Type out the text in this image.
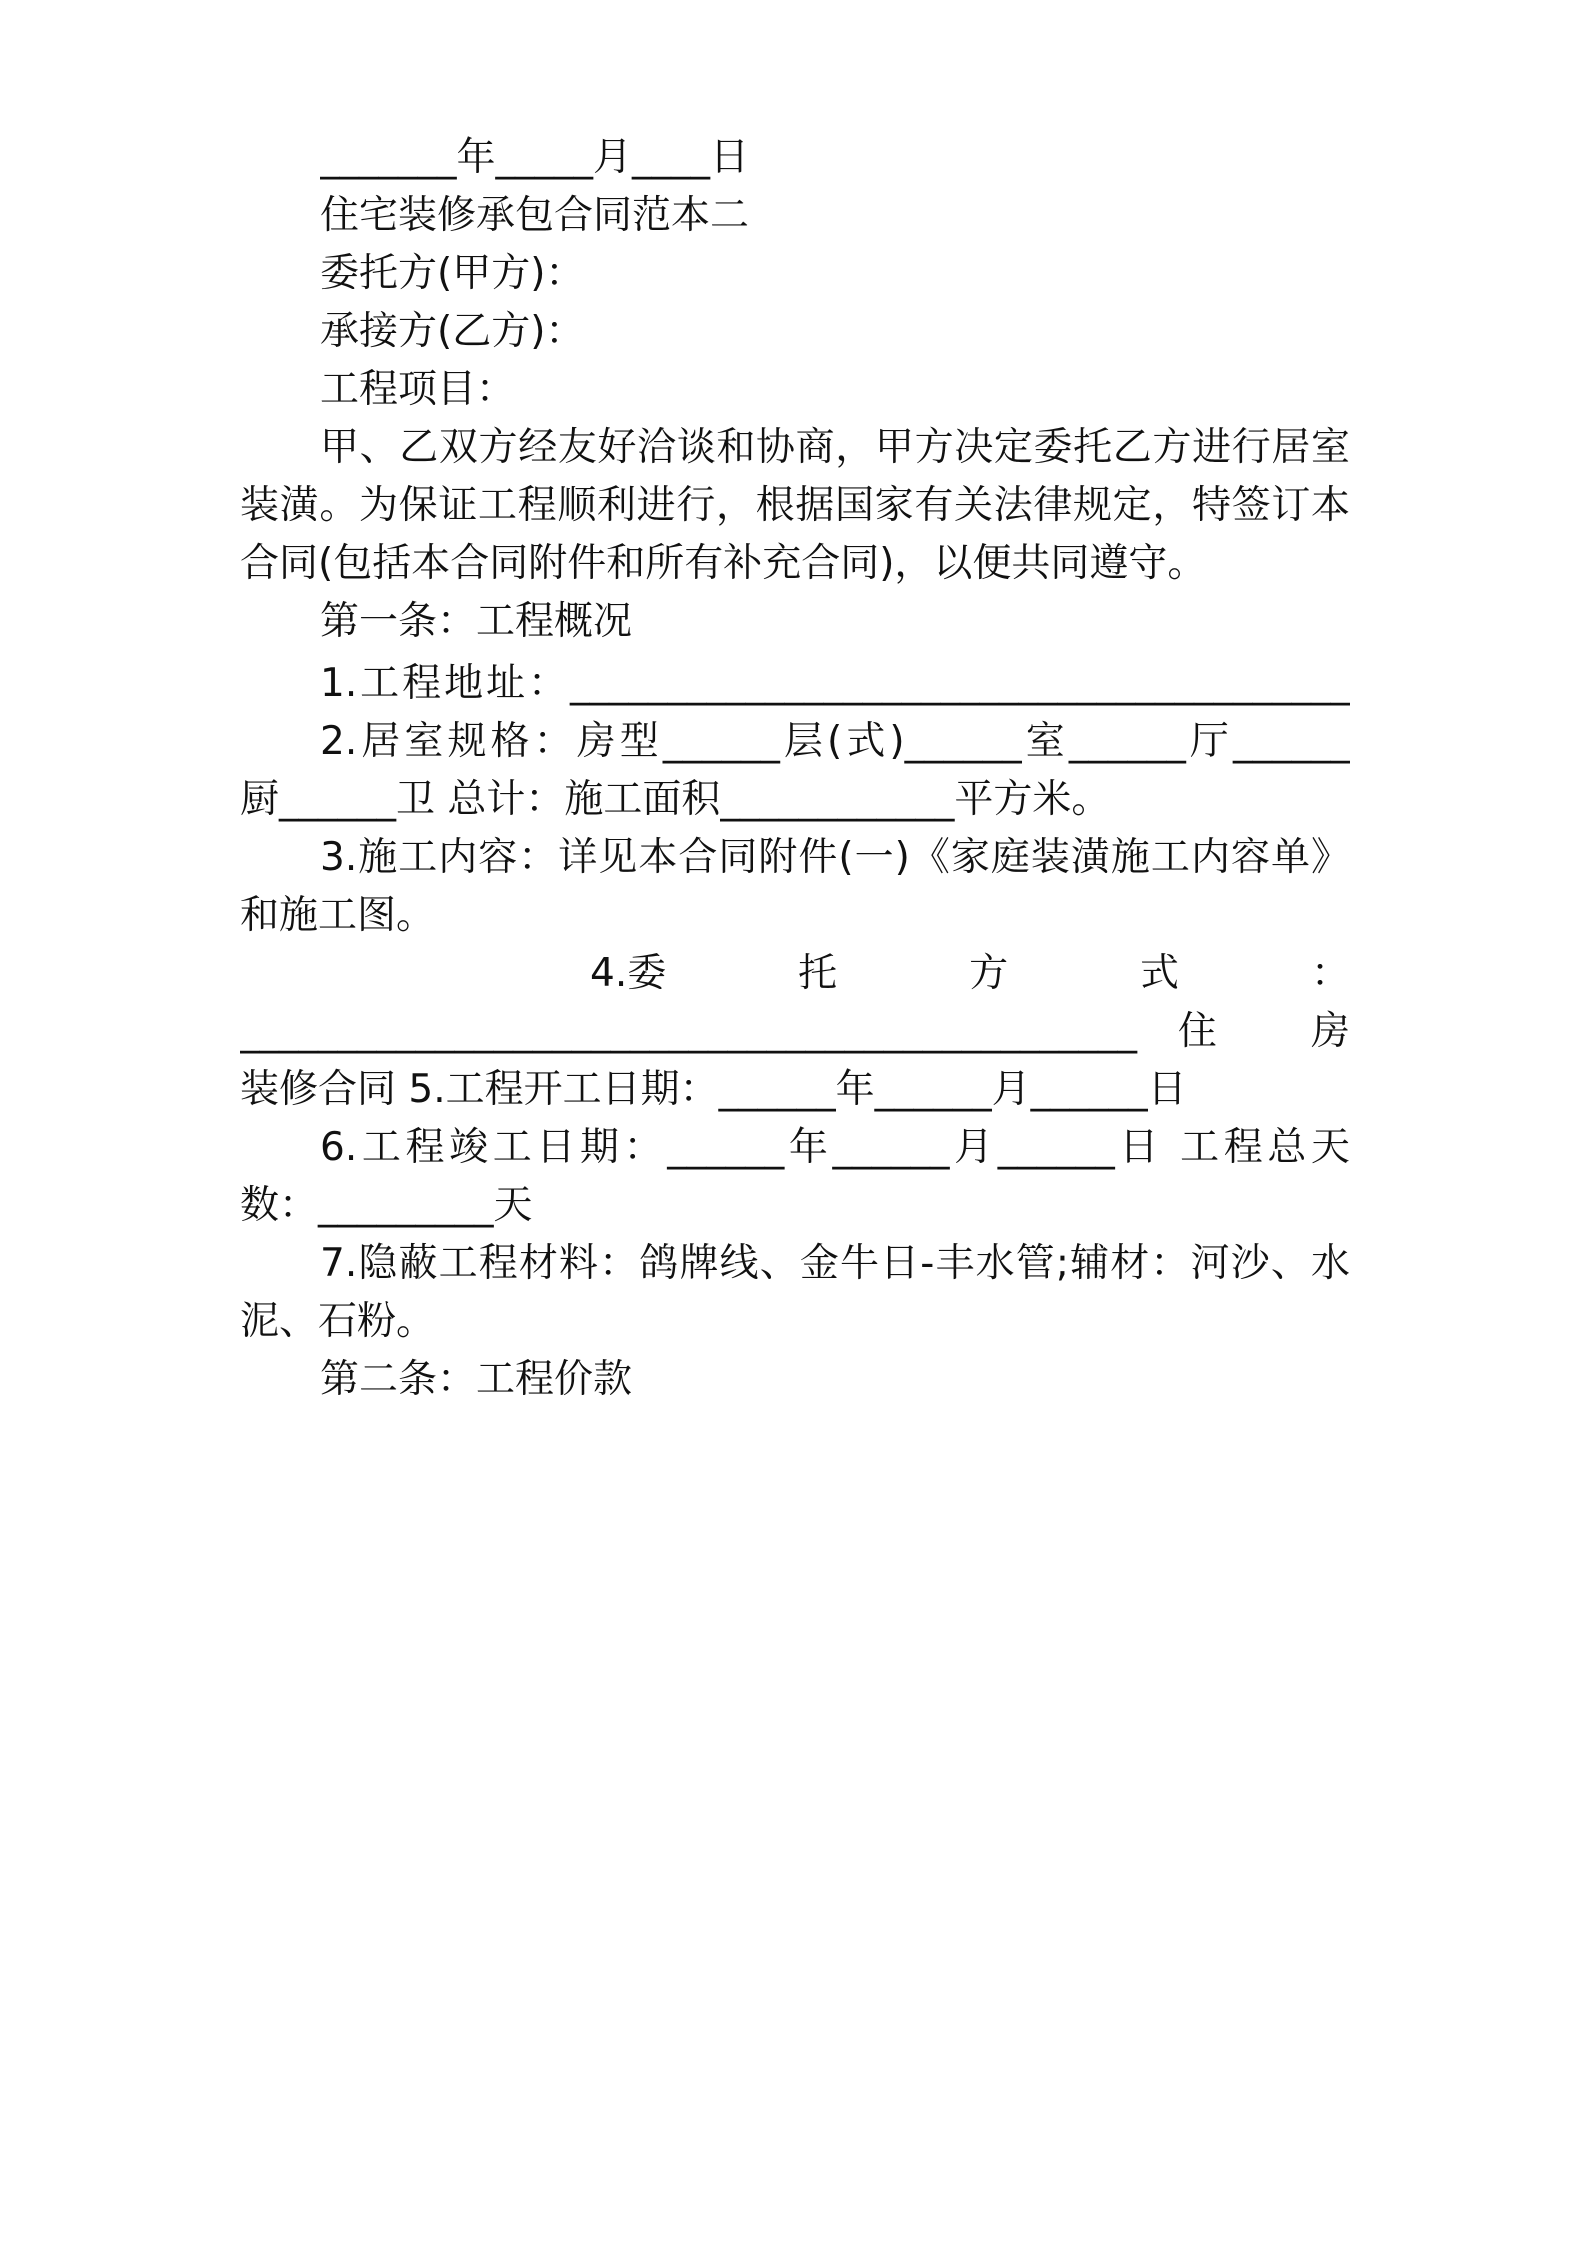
_______年_____月____日
住宅装修承包合同范本二
委托方(甲方)：
承接方(乙方)：
工程项目：
甲、乙双方经友好洽谈和协商，甲方决定委托乙方进行居室
装潢。为保证工程顺利进行，根据国家有关法律规定，特签订本
合同(包括本合同附件和所有补充合同)，以便共同遵守。
第一条：工程概况
1.工程地址：________________________________________
2.居室规格：房型______层(式)______室______厅______
厨______卫 总计：施工面积____________平方米。
3.施工内容：详见本合同附件(一)《家庭装潢施工内容单》
和施工图。
4.委	托	方	式	：
______________________________________________住 房
装修合同 5.工程开工日期：______年______月______日
6.工程竣工日期：______年______月______日 工程总天
数：_________天
7.隐蔽工程材料：鸽牌线、金牛日-丰水管;辅材：河沙、水
泥、石粉。
第二条：工程价款
